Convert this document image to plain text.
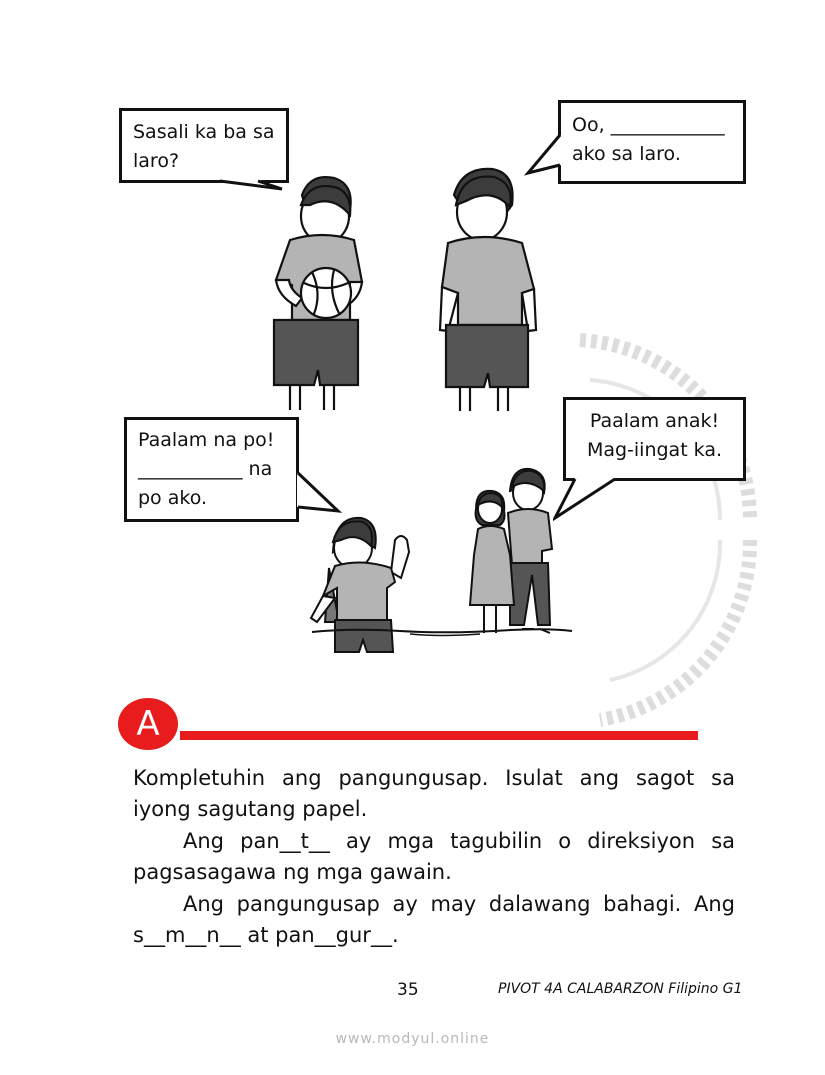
Sasali ka ba sa
laro?
Oo, ____________
ako sa laro.
Paalam na po!
___________ na
po ako.
Paalam anak!
Mag-iingat ka.
A

Kompletuhin ang pangungusap. Isulat ang sagot sa iyong sagutang papel.

Ang pan__t__ ay mga tagubilin o direksiyon sa pagsasagawa ng mga gawain.

Ang pangungusap ay may dalawang bahagi. Ang s__m__n__ at pan__gur__.

35	PIVOT 4A CALABARZON Filipino G1
www.modyul.online
